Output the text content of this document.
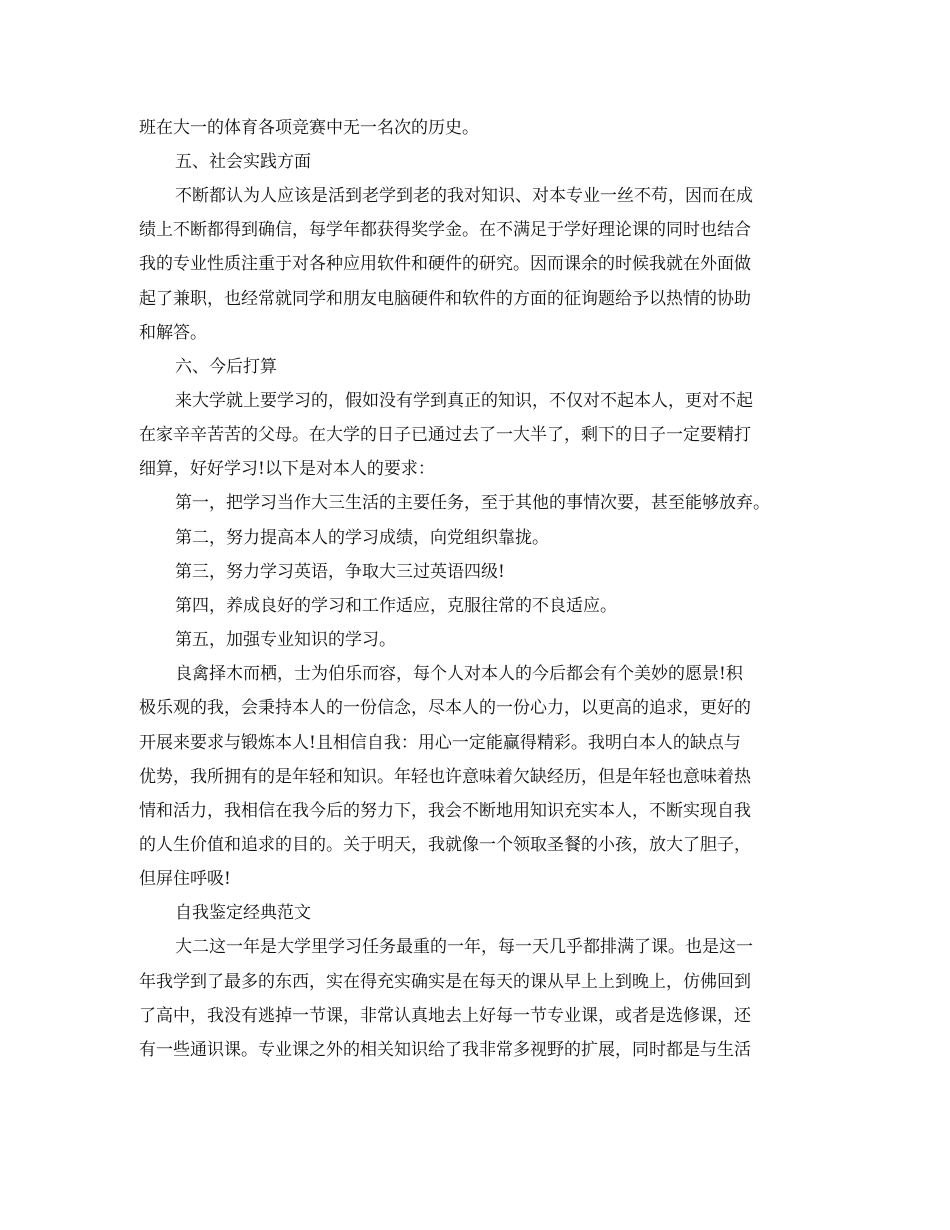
班在大一的体育各项竞赛中无一名次的历史。

五、社会实践方面

不断都认为人应该是活到老学到老的我对知识、对本专业一丝不苟，因而在成

绩上不断都得到确信，每学年都获得奖学金。在不满足于学好理论课的同时也结合

我的专业性质注重于对各种应用软件和硬件的研究。因而课余的时候我就在外面做

起了兼职，也经常就同学和朋友电脑硬件和软件的方面的征询题给予以热情的协助

和解答。

六、今后打算

来大学就上要学习的，假如没有学到真正的知识，不仅对不起本人，更对不起

在家辛辛苦苦的父母。在大学的日子已通过去了一大半了，剩下的日子一定要精打

细算，好好学习!以下是对本人的要求：

第一，把学习当作大三生活的主要任务，至于其他的事情次要，甚至能够放弃。

第二，努力提高本人的学习成绩，向党组织靠拢。

第三，努力学习英语，争取大三过英语四级!

第四，养成良好的学习和工作适应，克服往常的不良适应。

第五，加强专业知识的学习。

良禽择木而栖，士为伯乐而容，每个人对本人的今后都会有个美妙的愿景!积

极乐观的我，会秉持本人的一份信念，尽本人的一份心力，以更高的追求，更好的

开展来要求与锻炼本人!且相信自我：用心一定能赢得精彩。我明白本人的缺点与

优势，我所拥有的是年轻和知识。年轻也许意味着欠缺经历，但是年轻也意味着热

情和活力，我相信在我今后的努力下，我会不断地用知识充实本人，不断实现自我

的人生价值和追求的目的。关于明天，我就像一个领取圣餐的小孩，放大了胆子，

但屏住呼吸!

自我鉴定经典范文

大二这一年是大学里学习任务最重的一年，每一天几乎都排满了课。也是这一

年我学到了最多的东西，实在得充实确实是在每天的课从早上上到晚上，仿佛回到

了高中，我没有逃掉一节课，非常认真地去上好每一节专业课，或者是选修课，还

有一些通识课。专业课之外的相关知识给了我非常多视野的扩展，同时都是与生活
